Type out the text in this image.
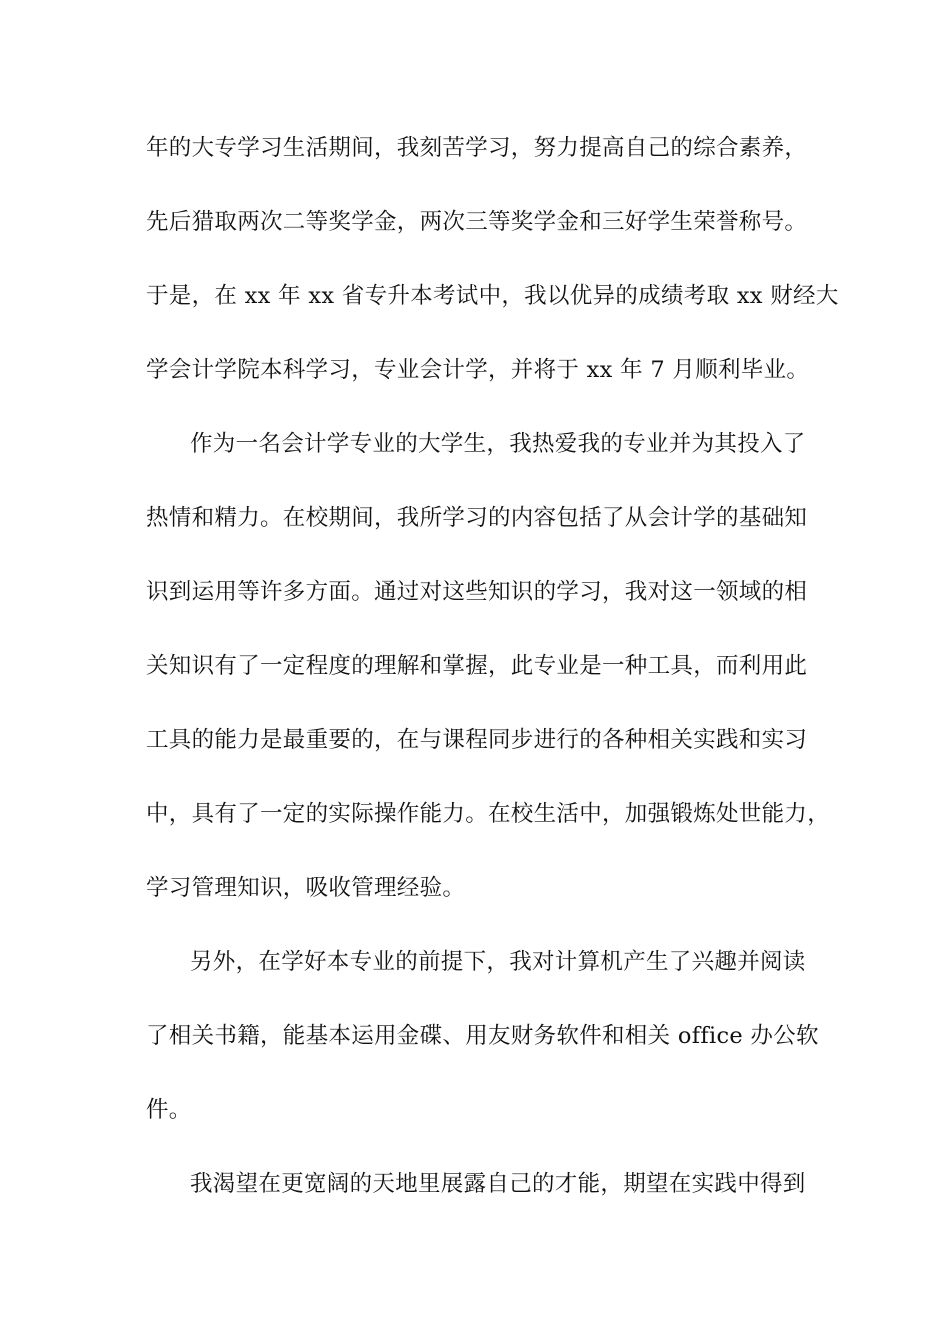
年的大专学习生活期间，我刻苦学习，努力提高自己的综合素养，
先后猎取两次二等奖学金，两次三等奖学金和三好学生荣誉称号。
于是，在 xx 年 xx 省专升本考试中，我以优异的成绩考取 xx 财经大
学会计学院本科学习，专业会计学，并将于 xx 年 7 月顺利毕业。
作为一名会计学专业的大学生，我热爱我的专业并为其投入了
热情和精力。在校期间，我所学习的内容包括了从会计学的基础知
识到运用等许多方面。通过对这些知识的学习，我对这一领域的相
关知识有了一定程度的理解和掌握，此专业是一种工具，而利用此
工具的能力是最重要的，在与课程同步进行的各种相关实践和实习
中，具有了一定的实际操作能力。在校生活中，加强锻炼处世能力，
学习管理知识，吸收管理经验。
另外，在学好本专业的前提下，我对计算机产生了兴趣并阅读
了相关书籍，能基本运用金碟、用友财务软件和相关 office 办公软
件。
我渴望在更宽阔的天地里展露自己的才能，期望在实践中得到
